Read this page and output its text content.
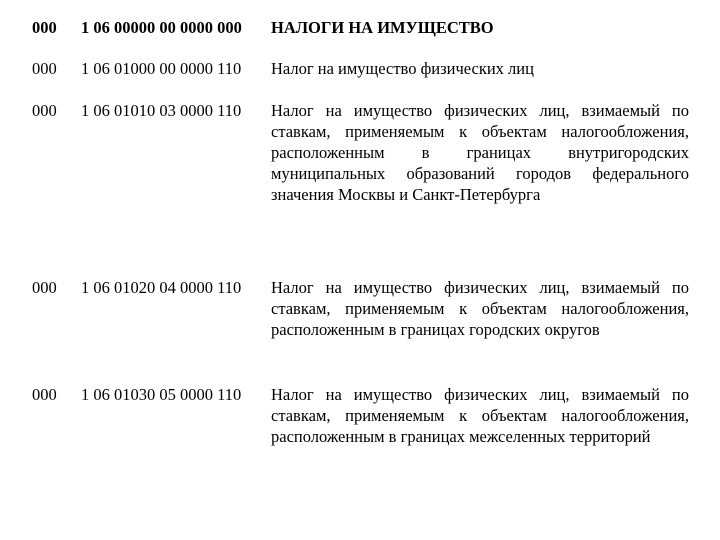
000 1 06 00000 00 0000 000 НАЛОГИ НА ИМУЩЕСТВО
000 1 06 01000 00 0000 110 Налог на имущество физических лиц
000 1 06 01010 03 0000 110 Налог на имущество физических лиц, взимаемый по ставкам, применяемым к объектам налогообложения, расположенным в границах внутригородских муниципальных образований городов федерального значения Москвы и Санкт-Петербурга
000 1 06 01020 04 0000 110 Налог на имущество физических лиц, взимаемый по ставкам, применяемым к объектам налогообложения, расположенным в границах городских округов
000 1 06 01030 05 0000 110 Налог на имущество физических лиц, взимаемый по ставкам, применяемым к объектам налогообложения, расположенным в границах межселенных территорий
